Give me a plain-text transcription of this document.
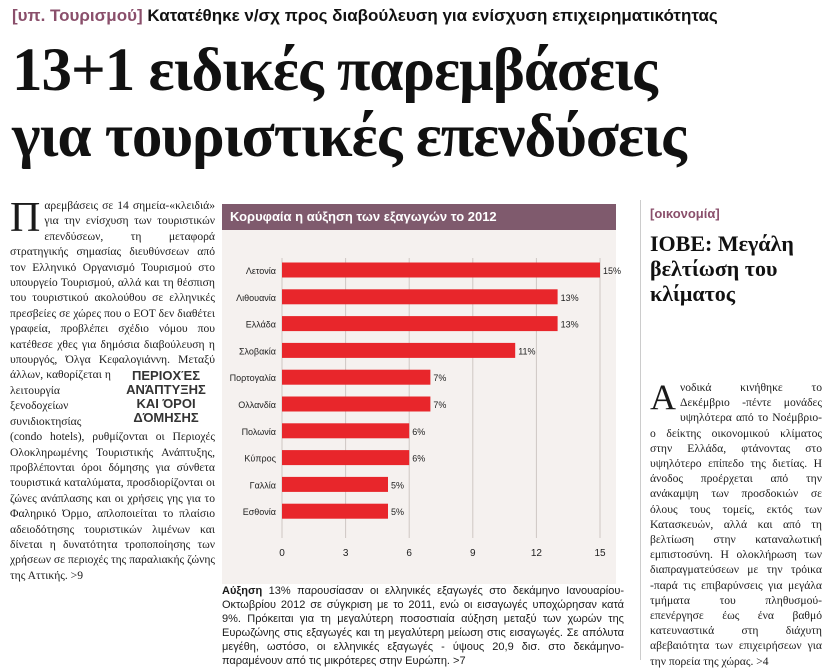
[υπ. Τουρισμού] Κατατέθηκε ν/σχ προς διαβούλευση για ενίσχυση επιχειρηματικότητας
13+1 ειδικές παρεμβάσεις
για τουριστικές επενδύσεις
Π αρεμβάσεις σε 14 σημεία-«κλειδιά» για την ενίσχυση των τουριστικών επενδύσεων, τη μεταφορά στρατηγικής σημασίας διευθύνσεων από τον Ελληνικό Οργανισμό Τουρισμού στο υπουργείο Τουρισμού, αλλά και τη θέσπιση του τουριστικού ακολούθου σε ελληνικές πρεσβείες σε χώρες που ο ΕΟΤ δεν διαθέτει γραφεία, προβλέπει σχέδιο νόμου που κατέθεσε χθες για δημόσια διαβούλευση η υπουργός, Όλγα Κεφαλογιάννη. Μεταξύ άλλων,	ΠΕΡΙΟΧΈΣ ΑΝΆΠΤΥΞΗΣ ΚΑΙ ΌΡΟΙ ΔΌΜΗΣΗΣ
καθορίζεται η λειτουργία ξενοδοχείων συνιδιοκτησίας (condo hotels), ρυθμίζονται οι Περιοχές Ολοκληρωμένης Τουριστικής Ανάπτυξης, προβλέπονται όροι δόμησης για σύνθετα τουριστικά καταλύματα, προσδιορίζονται οι ζώνες ανάπλασης και οι χρήσεις γης για το Φαληρικό Όρμο, απλοποιείται το πλαίσιο αδειοδότησης τουριστικών λιμένων και δίνεται η δυνατότητα τροποποίησης των χρήσεων σε περιοχές της παραλιακής ζώνης της Αττικής. >9
Κορυφαία η αύξηση των εξαγωγών το 2012
0	3	6	9	12	15
Λετονία	15%
Λιθουανία	13%
Ελλάδα	13%
Σλοβακία	11%
Πορτογαλία	7%
Ολλανδία	7%
Πολωνία	6%
Κύπρος	6%
Γαλλία	5%
Εσθονία	5%
Αύξηση 13% παρουσίασαν οι ελληνικές εξαγωγές στο δεκάμηνο Ιανουαρίου-Οκτωβρίου 2012 σε σύγκριση με το 2011, ενώ οι εισαγωγές υποχώρησαν κατά 9%. Πρόκειται για τη μεγαλύτερη ποσοστιαία αύξηση μεταξύ των χωρών της Ευρωζώνης στις εξαγωγές και τη μεγαλύτερη μείωση στις εισαγωγές. Σε απόλυτα μεγέθη, ωστόσο, οι ελληνικές εξαγωγές - ύψους 20,9 δισ. στο δεκάμηνο- παραμένουν από τις μικρότερες στην Ευρώπη. >7
[οικονομία]
ΙΟΒΕ: Μεγάλη βελτίωση του κλίματος
Α νοδικά κινήθηκε το Δεκέμβριο -πέντε μονάδες υψηλότερα από το Νοέμβριο- ο δείκτης οικονομικού κλίματος στην Ελλάδα, φτάνοντας στο υψηλότερο επίπεδο της διετίας. Η άνοδος προέρχεται από την ανάκαμψη των προσδοκιών σε όλους τους τομείς, εκτός των Κατασκευών, αλλά και από τη βελτίωση στην καταναλωτική εμπιστοσύνη. Η ολοκλήρωση των διαπραγματεύσεων με την τρόικα -παρά τις επιβαρύνσεις για μεγάλα τμήματα του πληθυσμού-επενέργησε έως ένα βαθμό κατευναστικά στη διάχυτη αβεβαιότητα των επιχειρήσεων για την πορεία της χώρας. >4
